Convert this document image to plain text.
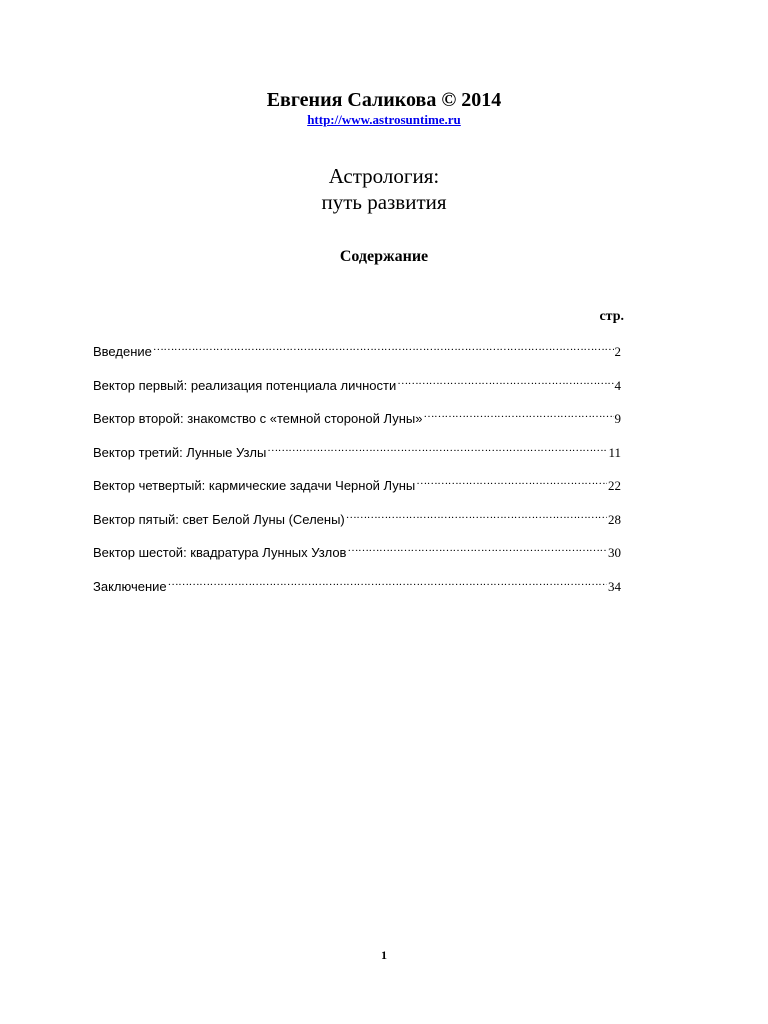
Евгения Саликова © 2014
http://www.astrosuntime.ru
Астрология:
путь развития
Содержание
стр.
Введение ………………………………………………………………………………………………………………………………………………………………………………………………………………	2
Вектор первый: реализация потенциала личности ………………………………………………………………………………………………………………………………………………………………………………………………………………	4
Вектор второй: знакомство с «темной стороной Луны» ………………………………………………………………………………………………………………………………………………………………………………………………………………	9
Вектор третий: Лунные Узлы ………………………………………………………………………………………………………………………………………………………………………………………………………………	11
Вектор четвертый: кармические задачи Черной Луны ………………………………………………………………………………………………………………………………………………………………………………………………………………	22
Вектор пятый: свет Белой Луны (Селены) ………………………………………………………………………………………………………………………………………………………………………………………………………………	28
Вектор шестой: квадратура Лунных Узлов ………………………………………………………………………………………………………………………………………………………………………………………………………………	30
Заключение ………………………………………………………………………………………………………………………………………………………………………………………………………………	34
1
